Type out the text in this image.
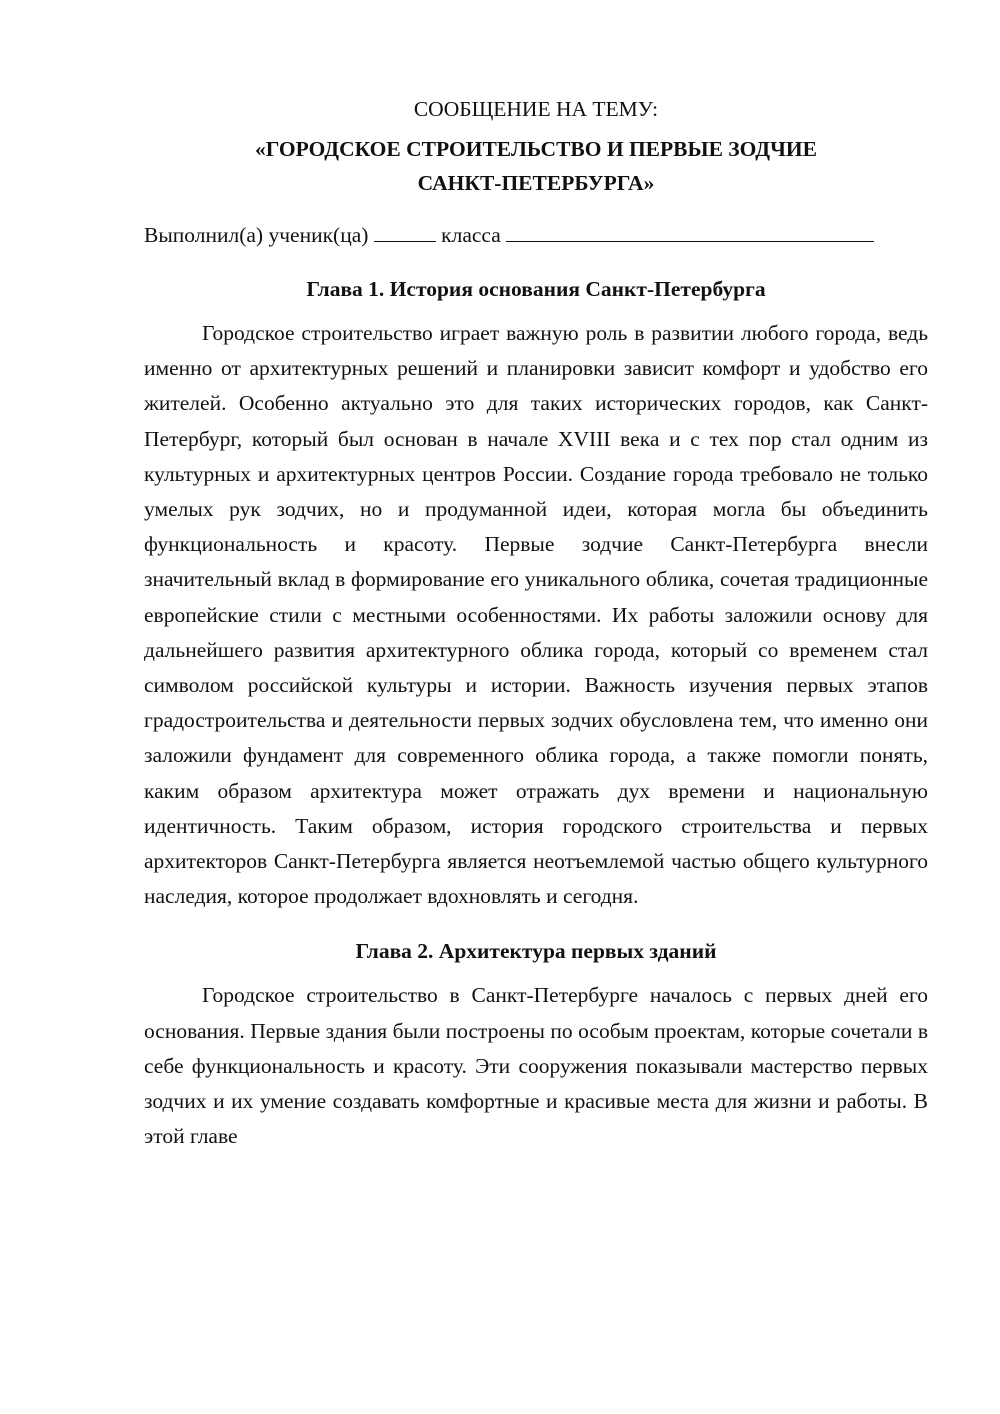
СООБЩЕНИЕ НА ТЕМУ:

«ГОРОДСКОЕ СТРОИТЕЛЬСТВО И ПЕРВЫЕ ЗОДЧИЕ
САНКТ-ПЕТЕРБУРГА»

Выполнил(а) ученик(ца)	класса

Глава 1. История основания Санкт-Петербурга

Городское строительство играет важную роль в развитии любого города, ведь именно от архитектурных решений и планировки зависит комфорт и удобство его жителей. Особенно актуально это для таких исторических городов, как Санкт-Петербург, который был основан в начале XVIII века и с тех пор стал одним из культурных и архитектурных центров России. Создание города требовало не только умелых рук зодчих, но и продуманной идеи, которая могла бы объединить функциональность и красоту. Первые зодчие Санкт-Петербурга внесли значительный вклад в формирование его уникального облика, сочетая традиционные европейские стили с местными особенностями. Их работы заложили основу для дальнейшего развития архитектурного облика города, который со временем стал символом российской культуры и истории. Важность изучения первых этапов градостроительства и деятельности первых зодчих обусловлена тем, что именно они заложили фундамент для современного облика города, а также помогли понять, каким образом архитектура может отражать дух времени и национальную идентичность. Таким образом, история городского строительства и первых архитекторов Санкт-Петербурга является неотъемлемой частью общего культурного наследия, которое продолжает вдохновлять и сегодня.

Глава 2. Архитектура первых зданий

Городское строительство в Санкт-Петербурге началось с первых дней его основания. Первые здания были построены по особым проектам, которые сочетали в себе функциональность и красоту. Эти сооружения показывали мастерство первых зодчих и их умение создавать комфортные и красивые места для жизни и работы. В этой главе
